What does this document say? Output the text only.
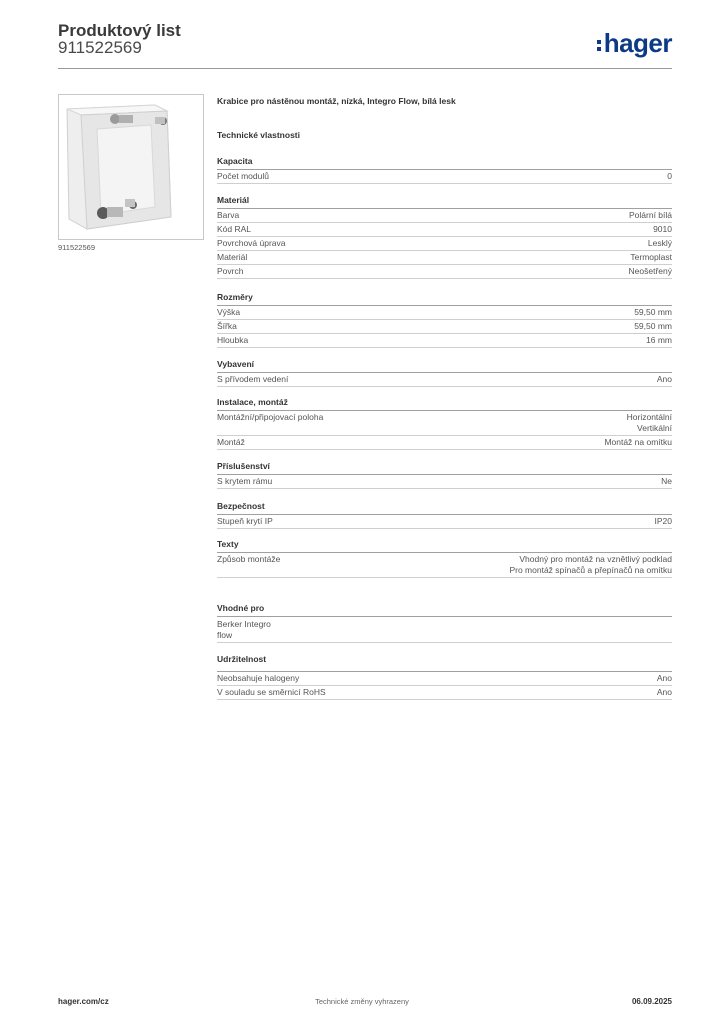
Produktový list
911522569	hager
911522569
Krabice pro nástěnou montáž, nízká, Integro Flow, bílá lesk
Technické vlastnosti
Kapacita
Počet modulů	0
Materiál
Barva	Polární bílá
Kód RAL	9010
Povrchová úprava	Lesklý
Materiál	Termoplast
Povrch	Neošetřený
Rozměry
Výška	59,50 mm
Šířka	59,50 mm
Hloubka	16 mm
Vybavení
S přívodem vedení	Ano
Instalace, montáž
Montážní/připojovací poloha	Horizontální
Vertikální
Montáž	Montáž na omítku
Příslušenství
S krytem rámu	Ne
Bezpečnost
Stupeň krytí IP	IP20
Texty
Způsob montáže	Vhodný pro montáž na vznětlivý podklad
Pro montáž spínačů a přepínačů na omítku
Vhodné pro
Berker Integro
flow
Udržitelnost
Neobsahuje halogeny	Ano
V souladu se směrnicí RoHS	Ano
hager.com/cz	Technické změny vyhrazeny	06.09.2025
